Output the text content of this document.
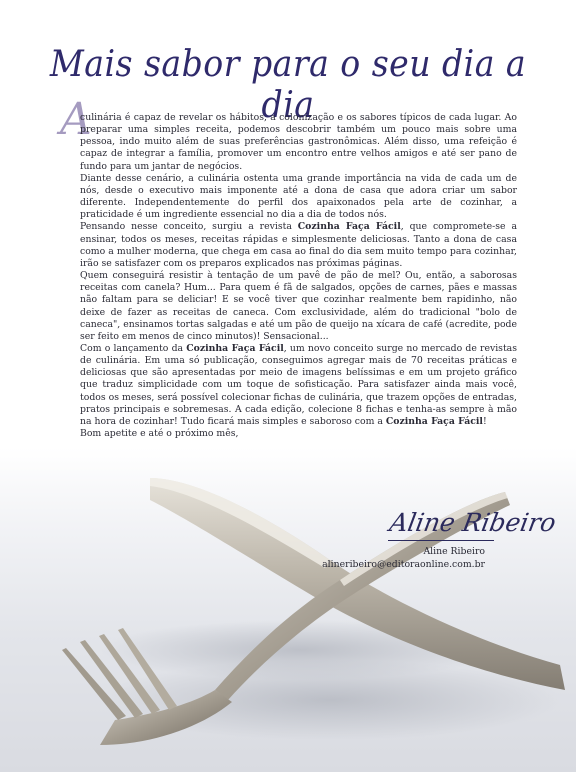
Mais sabor para o seu dia a dia
A

culinária é capaz de revelar os hábitos, a colonização e os sabores típicos de cada lugar. Ao preparar uma simples receita, podemos descobrir também um pouco mais sobre uma pessoa, indo muito além de suas preferências gastronômicas. Além disso, uma refeição é capaz de integrar a família, promover um encontro entre velhos amigos e até ser pano de fundo para um jantar de negócios.

Diante desse cenário, a culinária ostenta uma grande importância na vida de cada um de nós, desde o executivo mais imponente até a dona de casa que adora criar um sabor diferente. Independentemente do perfil dos apaixonados pela arte de cozinhar, a praticidade é um ingrediente essencial no dia a dia de todos nós.

Pensando nesse conceito, surgiu a revista Cozinha Faça Fácil, que compromete-se a ensinar, todos os meses, receitas rápidas e simplesmente deliciosas. Tanto a dona de casa como a mulher moderna, que chega em casa ao final do dia sem muito tempo para cozinhar, irão se satisfazer com os preparos explicados nas próximas páginas.

Quem conseguirá resistir à tentação de um pavê de pão de mel? Ou, então, a saborosas receitas com canela? Hum... Para quem é fã de salgados, opções de carnes, pães e massas não faltam para se deliciar! E se você tiver que cozinhar realmente bem rapidinho, não deixe de fazer as receitas de caneca. Com exclusividade, além do tradicional "bolo de caneca", ensinamos tortas salgadas e até um pão de queijo na xícara de café (acredite, pode ser feito em menos de cinco minutos)! Sensacional...

Com o lançamento da Cozinha Faça Fácil, um novo conceito surge no mercado de revistas de culinária. Em uma só publicação, conseguimos agregar mais de 70 receitas práticas e deliciosas que são apresentadas por meio de imagens belíssimas e em um projeto gráfico que traduz simplicidade com um toque de sofisticação. Para satisfazer ainda mais você, todos os meses, será possível colecionar fichas de culinária, que trazem opções de entradas, pratos principais e sobremesas. A cada edição, colecione 8 fichas e tenha-as sempre à mão na hora de cozinhar! Tudo ficará mais simples e saboroso com a Cozinha Faça Fácil!

Bom apetite e até o próximo mês,

Aline Ribeiro
Aline Ribeiro
alineribeiro@editoraonline.com.br
